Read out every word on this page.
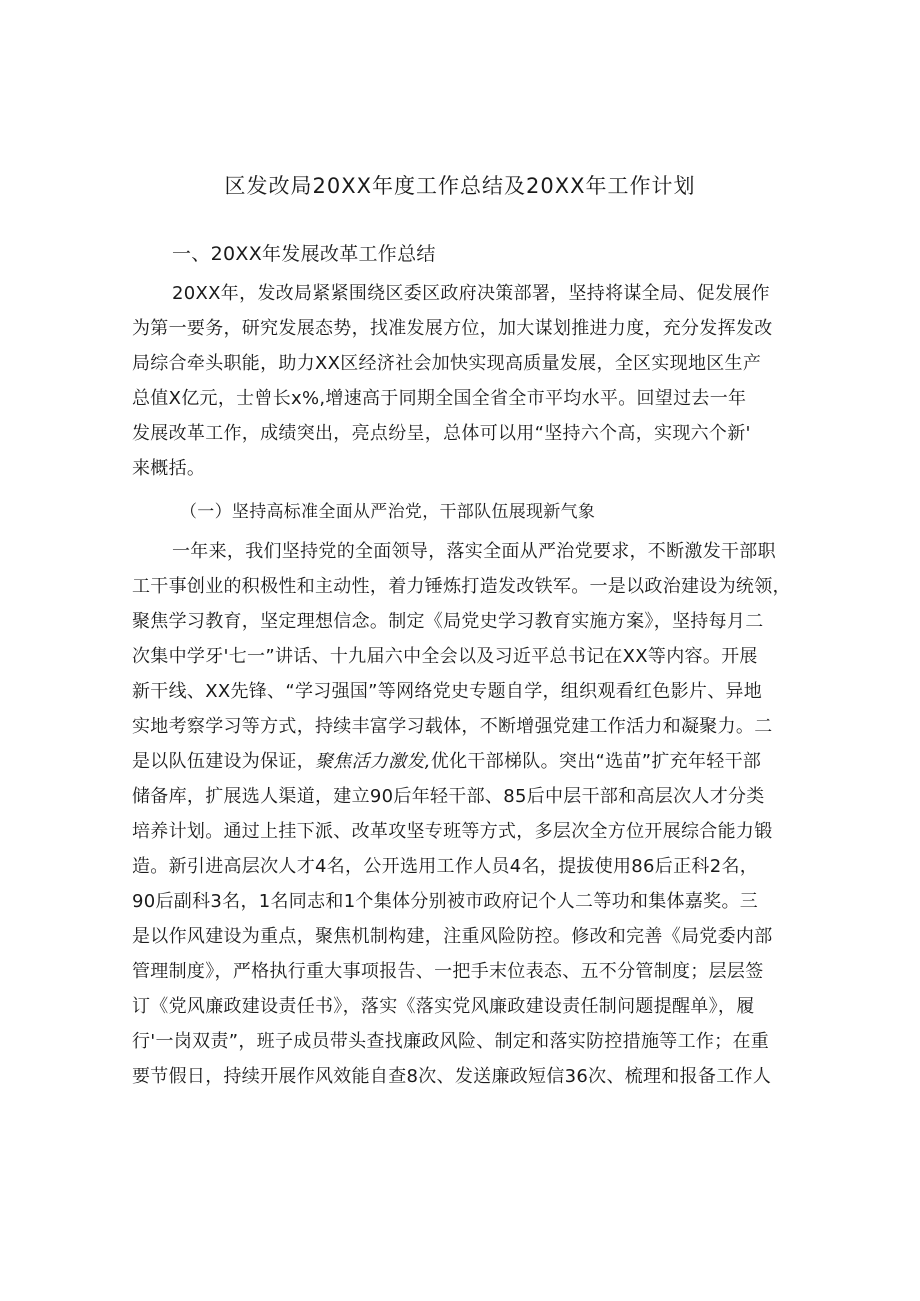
区发改局20XX年度工作总结及20XX年工作计划
一、20XX年发展改革工作总结
20XX年，发改局紧紧围绕区委区政府决策部署，坚持将谋全局、促发展作
为第一要务，研究发展态势，找准发展方位，加大谋划推进力度，充分发挥发改
局综合牵头职能，助力XX区经济社会加快实现高质量发展，全区实现地区生产
总值X亿元，士曾长x%,增速高于同期全国全省全市平均水平。回望过去一年
发展改革工作，成绩突出，亮点纷呈，总体可以用“坚持六个高，实现六个新'
来概括。
（一）坚持高标准全面从严治党，干部队伍展现新气象
一年来，我们坚持党的全面领导，落实全面从严治党要求，不断激发干部职
工干事创业的积极性和主动性，着力锤炼打造发改铁军。一是以政治建设为统领，
聚焦学习教育，坚定理想信念。制定《局党史学习教育实施方案》，坚持每月二
次集中学牙'七一”讲话、十九届六中全会以及习近平总书记在XX等内容。开展
新干线、XX先锋、“学习强国”等网络党史专题自学，组织观看红色影片、异地
实地考察学习等方式，持续丰富学习载体，不断增强党建工作活力和凝聚力。二
是以队伍建设为保证，聚焦活力激发,优化干部梯队。突出“选苗”扩充年轻干部
储备库，扩展选人渠道，建立90后年轻干部、85后中层干部和高层次人才分类
培养计划。通过上挂下派、改革攻坚专班等方式，多层次全方位开展综合能力锻
造。新引进高层次人才4名，公开选用工作人员4名，提拔使用86后正科2名，
90后副科3名，1名同志和1个集体分别被市政府记个人二等功和集体嘉奖。三
是以作风建设为重点，聚焦机制构建，注重风险防控。修改和完善《局党委内部
管理制度》，严格执行重大事项报告、一把手末位表态、五不分管制度；层层签
订《党风廉政建设责任书》，落实《落实党风廉政建设责任制问题提醒单》，履
行'一岗双责”，班子成员带头查找廉政风险、制定和落实防控措施等工作；在重
要节假日，持续开展作风效能自查8次、发送廉政短信36次、梳理和报备工作人
